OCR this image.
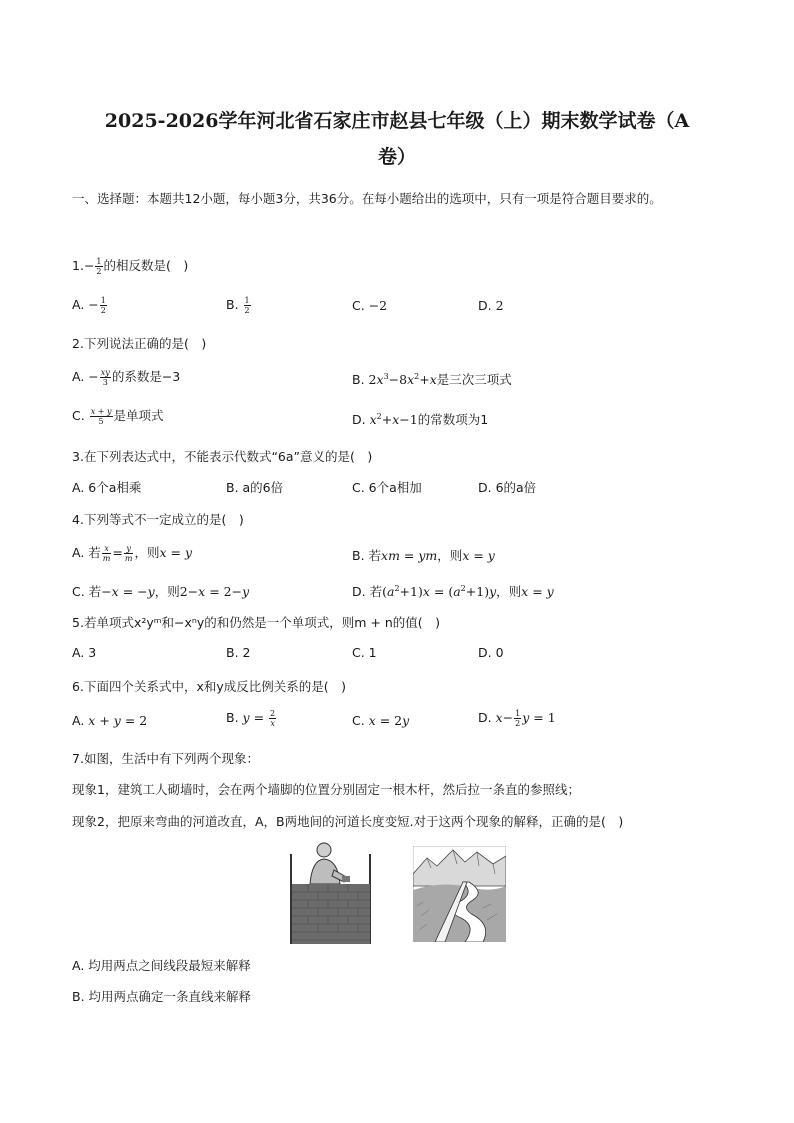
2025-2026学年河北省石家庄市赵县七年级（上）期末数学试卷（A
卷）
一、选择题：本题共12小题，每小题3分，共36分。在每小题给出的选项中，只有一项是符合题目要求的。
$1.- \frac{1}{2}$ 的相反数是(　)
A. − $\frac{1}{2}$	B. $\frac{1}{2}$	C. −2	D. 2
2.下列说法正确的是(　)
A. − $\frac{xy}{3}$ 的系数是−3	B. $2x^3-8x^2+x$是三次三项式
C. $\frac{x + y}{5}$ 是单项式	D. $x^2+x-1$的常数项为1
3.在下列表达式中，不能表示代数式“6a”意义的是(　)
A. 6个a相乘	B. a的6倍	C. 6个a相加	D. 6的a倍
4.下列等式不一定成立的是(　)
A. 若 $\frac{x}{m} = \frac{y}{m}$ ，则x = y	B. 若xm = ym，则x = y
C. 若−x = −y，则2−x = 2−y	D. 若$(a^2+1)x = (a^2+1)y$，则x = y
5.若单项式x²yᵐ和−xⁿy的和仍然是一个单项式，则m + n的值(　)
A. 3	B. 2	C. 1	D. 0
6.下面四个关系式中，x和y成反比例关系的是(　)
A. x + y = 2	B. $y = \frac{2}{x}$	C. x = 2y	D. $x- \frac{1}{2}$ y = 1
7.如图，生活中有下列两个现象：
现象1，建筑工人砌墙时，会在两个墙脚的位置分别固定一根木杆，然后拉一条直的参照线；
现象2，把原来弯曲的河道改直，A，B两地间的河道长度变短.对于这两个现象的解释，正确的是(　)
A. 均用两点之间线段最短来解释
B. 均用两点确定一条直线来解释
